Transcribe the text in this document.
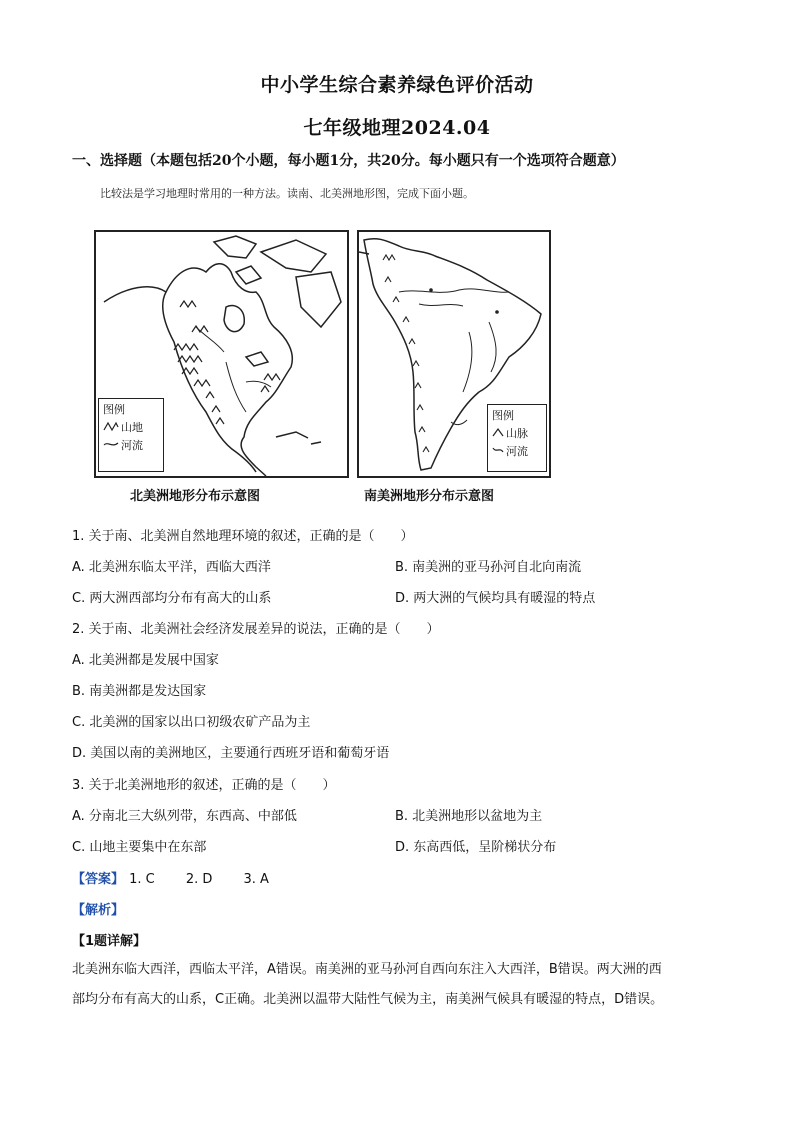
中小学生综合素养绿色评价活动
七年级地理2024.04
一、选择题（本题包括20个小题，每小题1分，共20分。每小题只有一个选项符合题意）
比较法是学习地理时常用的一种方法。读南、北美洲地形图，完成下面小题。
图例
山地
河流
北美洲地形分布示意图
图例
山脉
河流
南美洲地形分布示意图
1. 关于南、北美洲自然地理环境的叙述，正确的是（　　）
A. 北美洲东临太平洋，西临大西洋	B. 南美洲的亚马孙河自北向南流
C. 两大洲西部均分布有高大的山系	D. 两大洲的气候均具有暖湿的特点
2. 关于南、北美洲社会经济发展差异的说法，正确的是（　　）
A. 北美洲都是发展中国家
B. 南美洲都是发达国家
C. 北美洲的国家以出口初级农矿产品为主
D. 美国以南的美洲地区，主要通行西班牙语和葡萄牙语
3. 关于北美洲地形的叙述，正确的是（　　）
A. 分南北三大纵列带，东西高、中部低	B. 北美洲地形以盆地为主
C. 山地主要集中在东部	D. 东高西低，呈阶梯状分布
【答案】 1. C 2. D 3. A
【解析】
【1题详解】
北美洲东临大西洋，西临太平洋，A错误。南美洲的亚马孙河自西向东注入大西洋，B错误。两大洲的西
部均分布有高大的山系，C正确。北美洲以温带大陆性气候为主，南美洲气候具有暖湿的特点，D错误。
